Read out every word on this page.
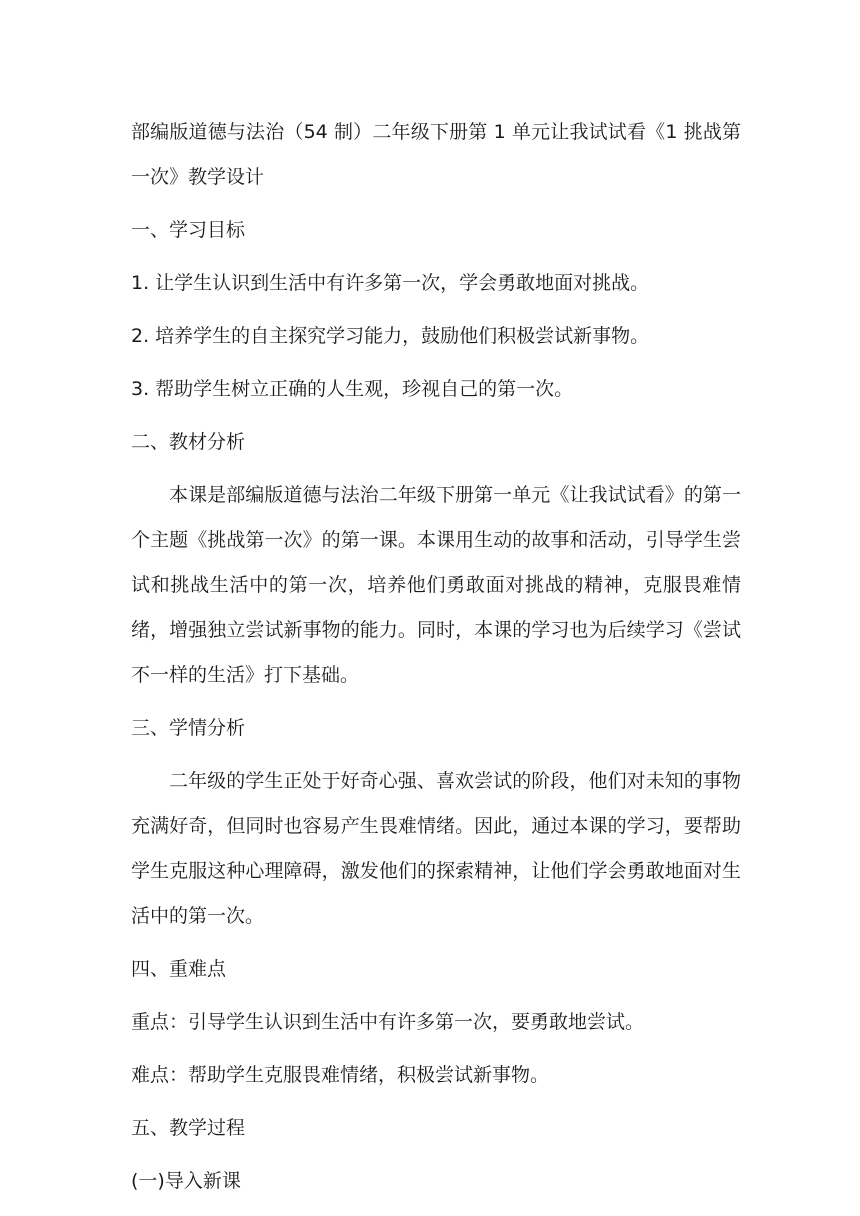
部编版道德与法治（54 制）二年级下册第 1 单元让我试试看《1 挑战第一次》教学设计

一、学习目标

1. 让学生认识到生活中有许多第一次，学会勇敢地面对挑战。

2. 培养学生的自主探究学习能力，鼓励他们积极尝试新事物。

3. 帮助学生树立正确的人生观，珍视自己的第一次。

二、教材分析

本课是部编版道德与法治二年级下册第一单元《让我试试看》的第一个主题《挑战第一次》的第一课。本课用生动的故事和活动，引导学生尝试和挑战生活中的第一次，培养他们勇敢面对挑战的精神，克服畏难情绪，增强独立尝试新事物的能力。同时，本课的学习也为后续学习《尝试不一样的生活》打下基础。

三、学情分析

二年级的学生正处于好奇心强、喜欢尝试的阶段，他们对未知的事物充满好奇，但同时也容易产生畏难情绪。因此，通过本课的学习，要帮助学生克服这种心理障碍，激发他们的探索精神，让他们学会勇敢地面对生活中的第一次。

四、重难点

重点：引导学生认识到生活中有许多第一次，要勇敢地尝试。

难点：帮助学生克服畏难情绪，积极尝试新事物。

五、教学过程

(一)导入新课
